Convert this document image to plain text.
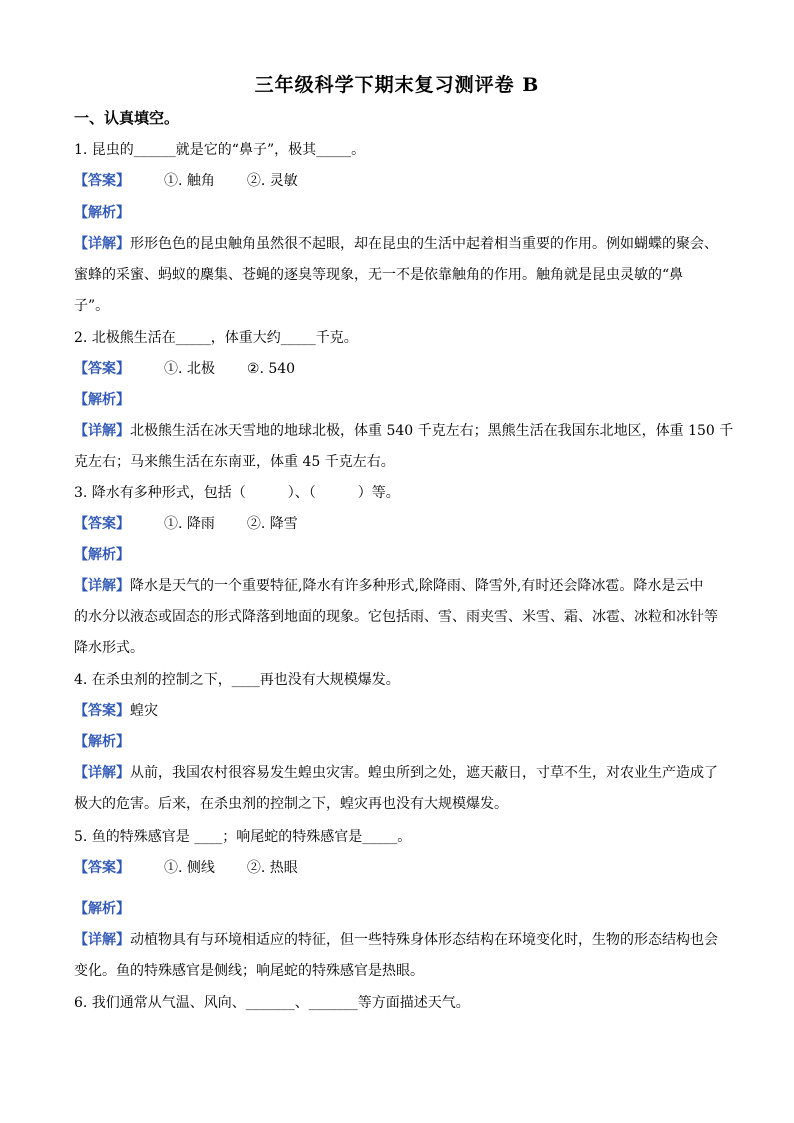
三年级科学下期末复习测评卷 B
一、认真填空。
1. 昆虫的______就是它的“鼻子”，极其_____。
【答案】 ①. 触角 ②. 灵敏
【解析】
【详解】形形色色的昆虫触角虽然很不起眼，却在昆虫的生活中起着相当重要的作用。例如蝴蝶的聚会、
蜜蜂的采蜜、蚂蚁的麇集、苍蝇的逐臭等现象，无一不是依靠触角的作用。触角就是昆虫灵敏的“鼻
子”。
2. 北极熊生活在_____，体重大约_____千克。
【答案】 ①. 北极 ②. 540
【解析】
【详解】北极熊生活在冰天雪地的地球北极，体重 540 千克左右；黑熊生活在我国东北地区，体重 150 千
克左右；马来熊生活在东南亚，体重 45 千克左右。
3. 降水有多种形式，包括（　　　）、（　　　）等。
【答案】 ①. 降雨 ②. 降雪
【解析】
【详解】降水是天气的一个重要特征,降水有许多种形式,除降雨、降雪外,有时还会降冰雹。降水是云中
的水分以液态或固态的形式降落到地面的现象。它包括雨、雪、雨夹雪、米雪、霜、冰雹、冰粒和冰针等
降水形式。
4. 在杀虫剂的控制之下，____再也没有大规模爆发。
【答案】蝗灾
【解析】
【详解】从前，我国农村很容易发生蝗虫灾害。蝗虫所到之处，遮天蔽日，寸草不生，对农业生产造成了
极大的危害。后来，在杀虫剂的控制之下，蝗灾再也没有大规模爆发。
5. 鱼的特殊感官是 ____；响尾蛇的特殊感官是_____。
【答案】 ①. 侧线 ②. 热眼
【解析】
【详解】动植物具有与环境相适应的特征，但一些特殊身体形态结构在环境变化时，生物的形态结构也会
变化。鱼的特殊感官是侧线；响尾蛇的特殊感官是热眼。
6. 我们通常从气温、风向、_______、_______等方面描述天气。
